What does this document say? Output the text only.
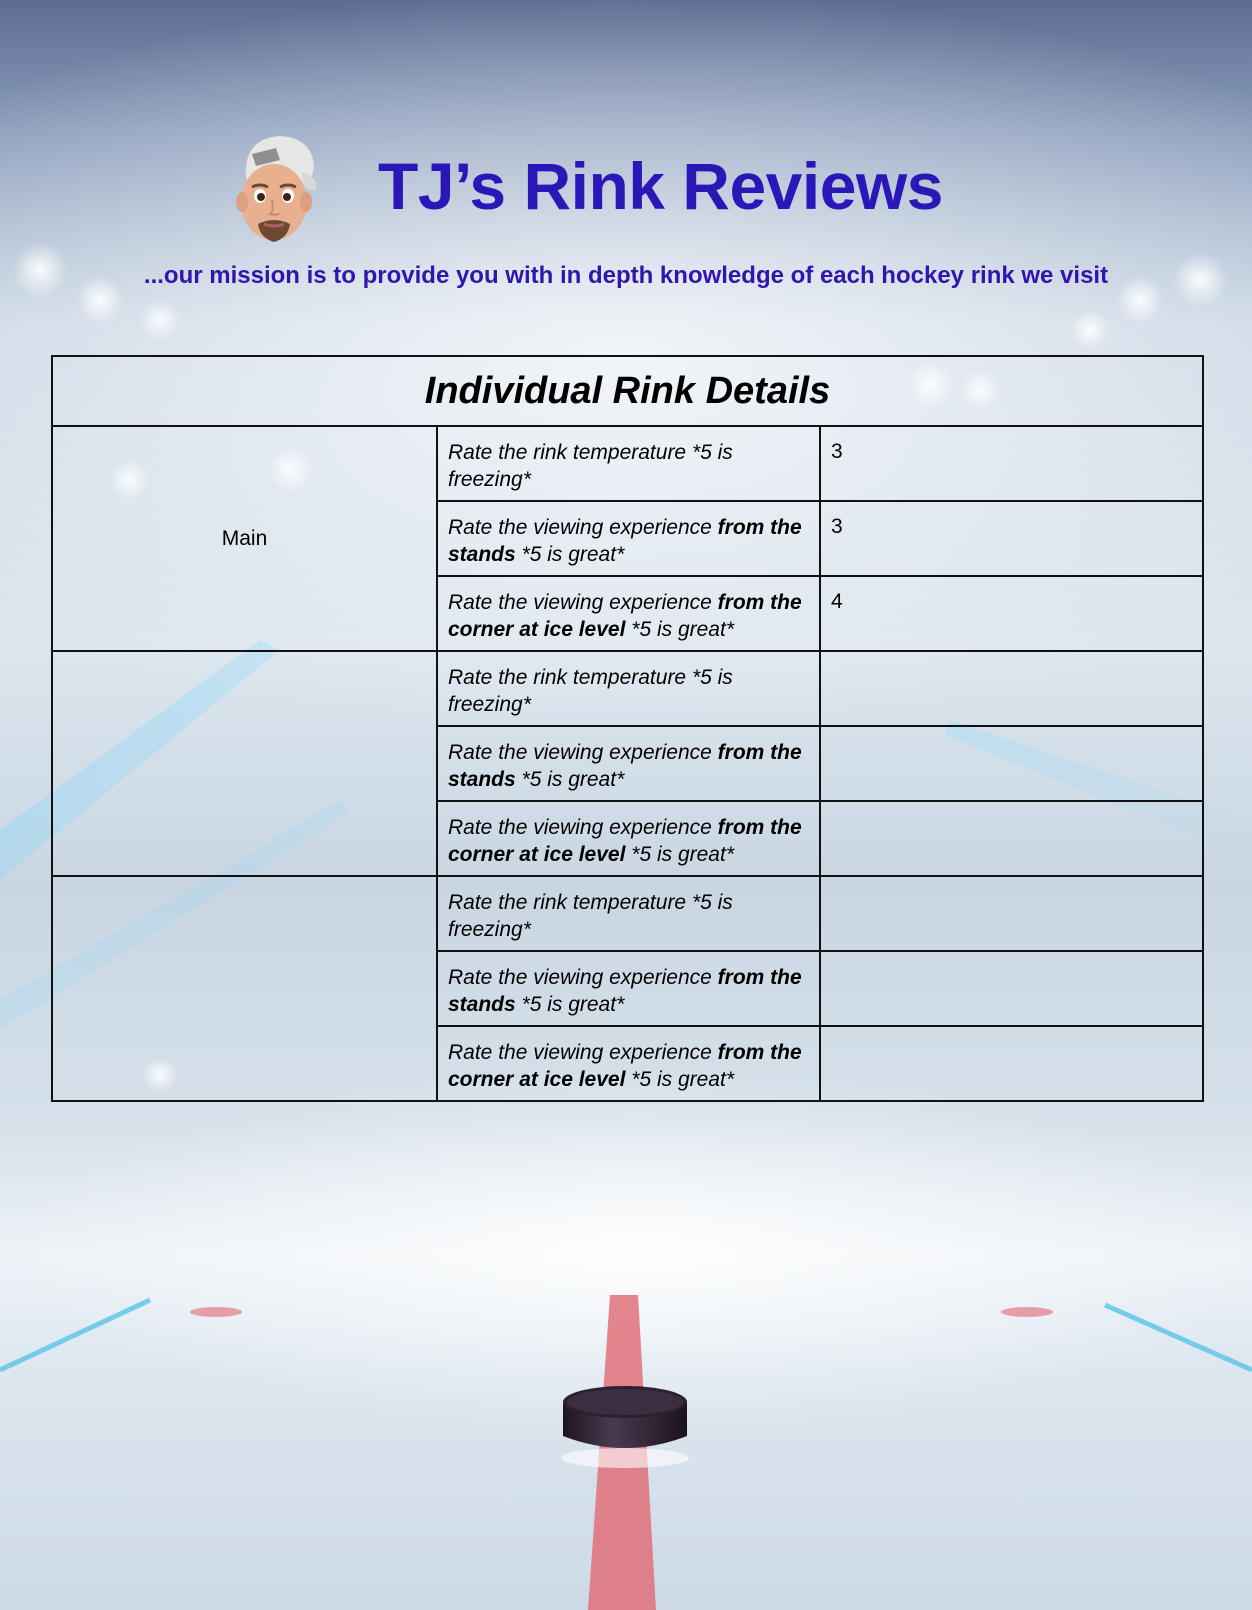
TJ’s Rink Reviews
...our mission is to provide you with in depth knowledge of each hockey rink we visit
Individual Rink Details		
Main	Rate the rink temperature *5 is freezing*	3
	Rate the viewing experience from the stands *5 is great*	3
	Rate the viewing experience from the corner at ice level *5 is great*	4
	Rate the rink temperature *5 is freezing*	
	Rate the viewing experience from the stands *5 is great*	
	Rate the viewing experience from the corner at ice level *5 is great*	
	Rate the rink temperature *5 is freezing*	
	Rate the viewing experience from the stands *5 is great*	
	Rate the viewing experience from the corner at ice level *5 is great*	
